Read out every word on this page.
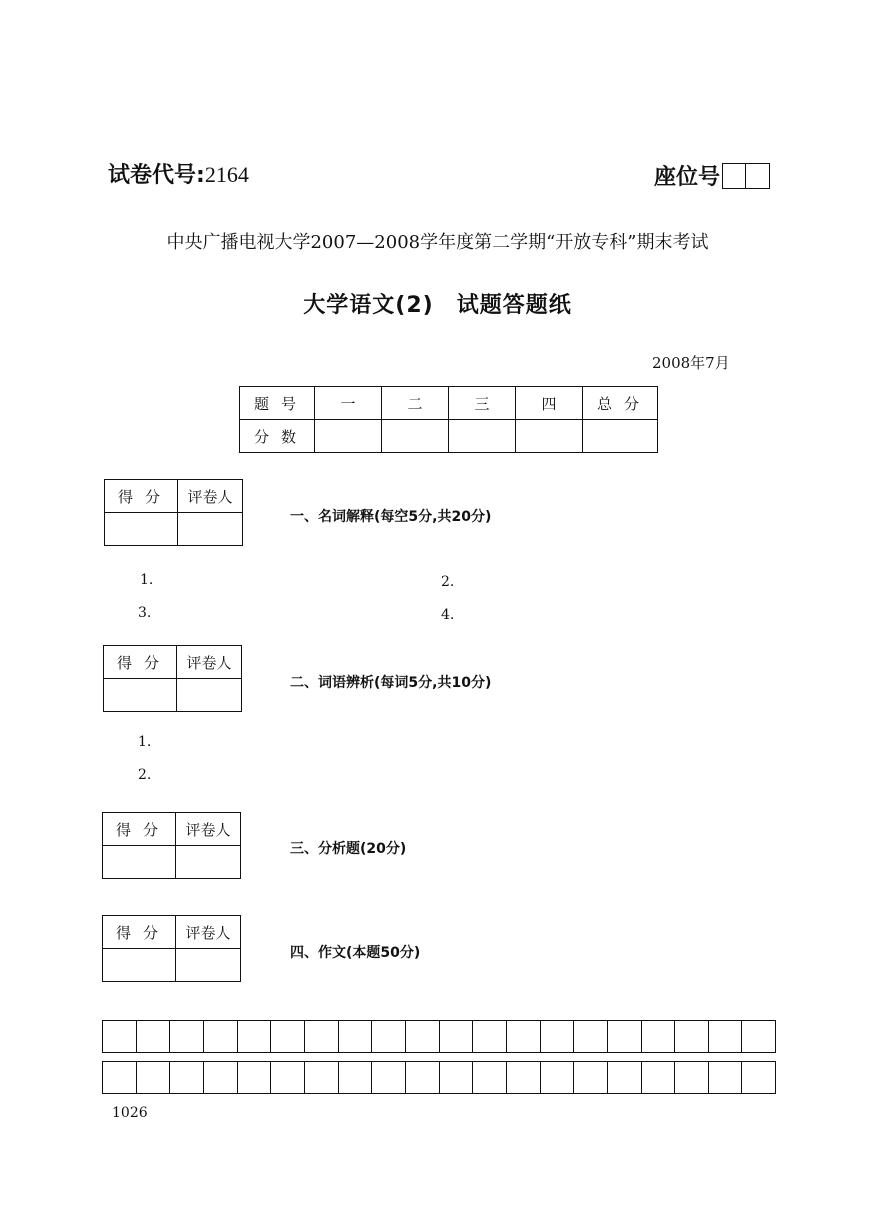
试卷代号:2164	座位号
中央广播电视大学2007—2008学年度第二学期“开放专科”期末考试
大学语文(2)　试题答题纸
2008年7月
题号	一	二	三	四	总分
分数					
得分	评卷人

一、名词解释(每空5分,共20分)
1.	2.
3.	4.
得分	评卷人

二、词语辨析(每词5分,共10分)
1.
2.
得分	评卷人

三、分析题(20分)
得分	评卷人

四、作文(本题50分)
1026
